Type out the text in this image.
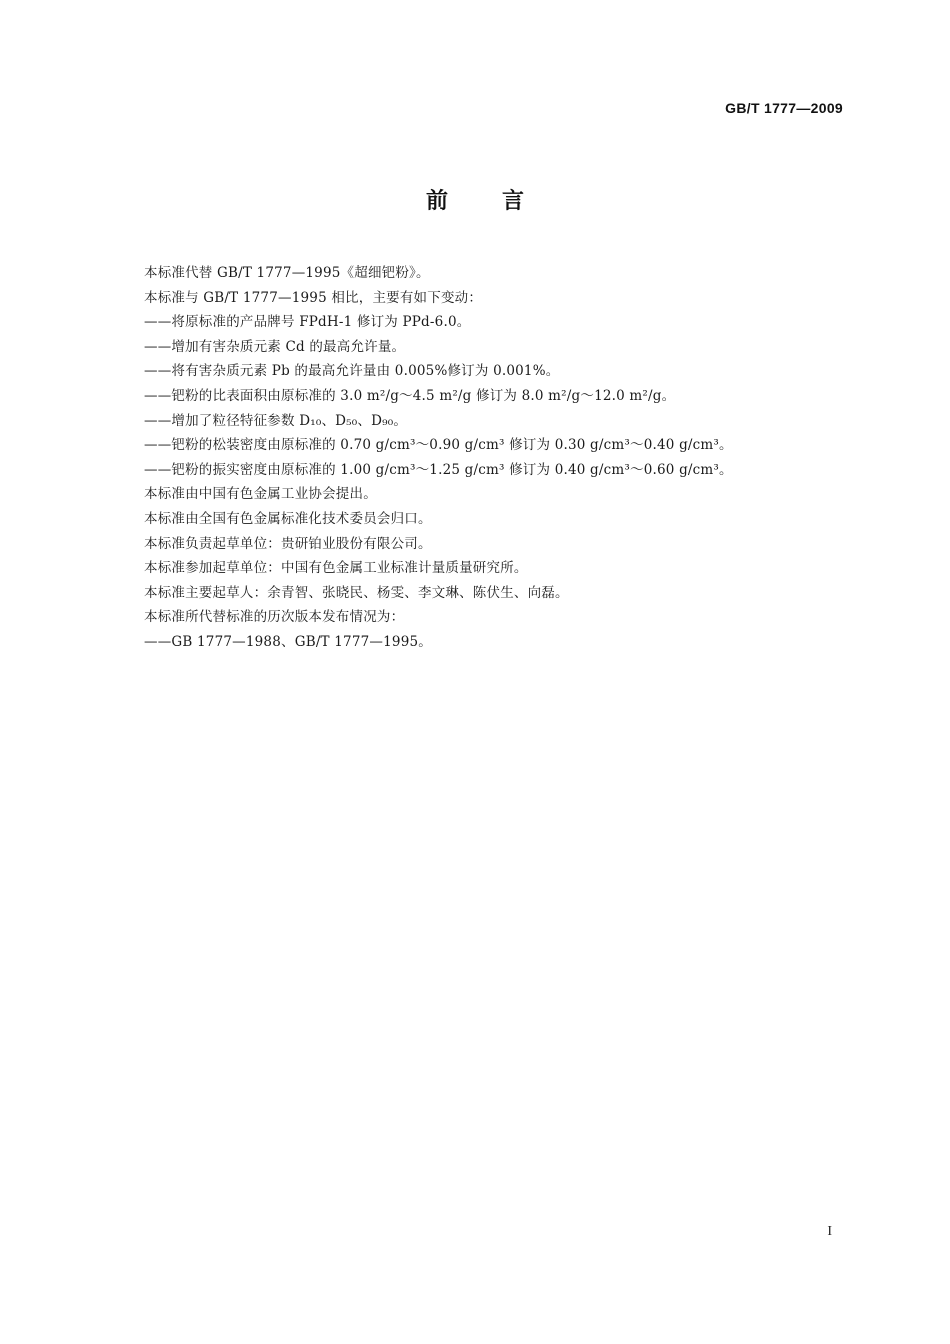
GB/T 1777—2009
前言
本标准代替 GB/T 1777—1995《超细钯粉》。
本标准与 GB/T 1777—1995 相比，主要有如下变动：
——将原标准的产品牌号 FPdH-1 修订为 PPd-6.0。
——增加有害杂质元素 Cd 的最高允许量。
——将有害杂质元素 Pb 的最高允许量由 0.005%修订为 0.001%。
——钯粉的比表面积由原标准的 3.0 m²/g～4.5 m²/g 修订为 8.0 m²/g～12.0 m²/g。
——增加了粒径特征参数 D₁₀、D₅₀、D₉₀。
——钯粉的松装密度由原标准的 0.70 g/cm³～0.90 g/cm³ 修订为 0.30 g/cm³～0.40 g/cm³。
——钯粉的振实密度由原标准的 1.00 g/cm³～1.25 g/cm³ 修订为 0.40 g/cm³～0.60 g/cm³。
本标准由中国有色金属工业协会提出。
本标准由全国有色金属标准化技术委员会归口。
本标准负责起草单位：贵研铂业股份有限公司。
本标准参加起草单位：中国有色金属工业标准计量质量研究所。
本标准主要起草人：余青智、张晓民、杨雯、李文琳、陈伏生、向磊。
本标准所代替标准的历次版本发布情况为：
——GB 1777—1988、GB/T 1777—1995。
I
